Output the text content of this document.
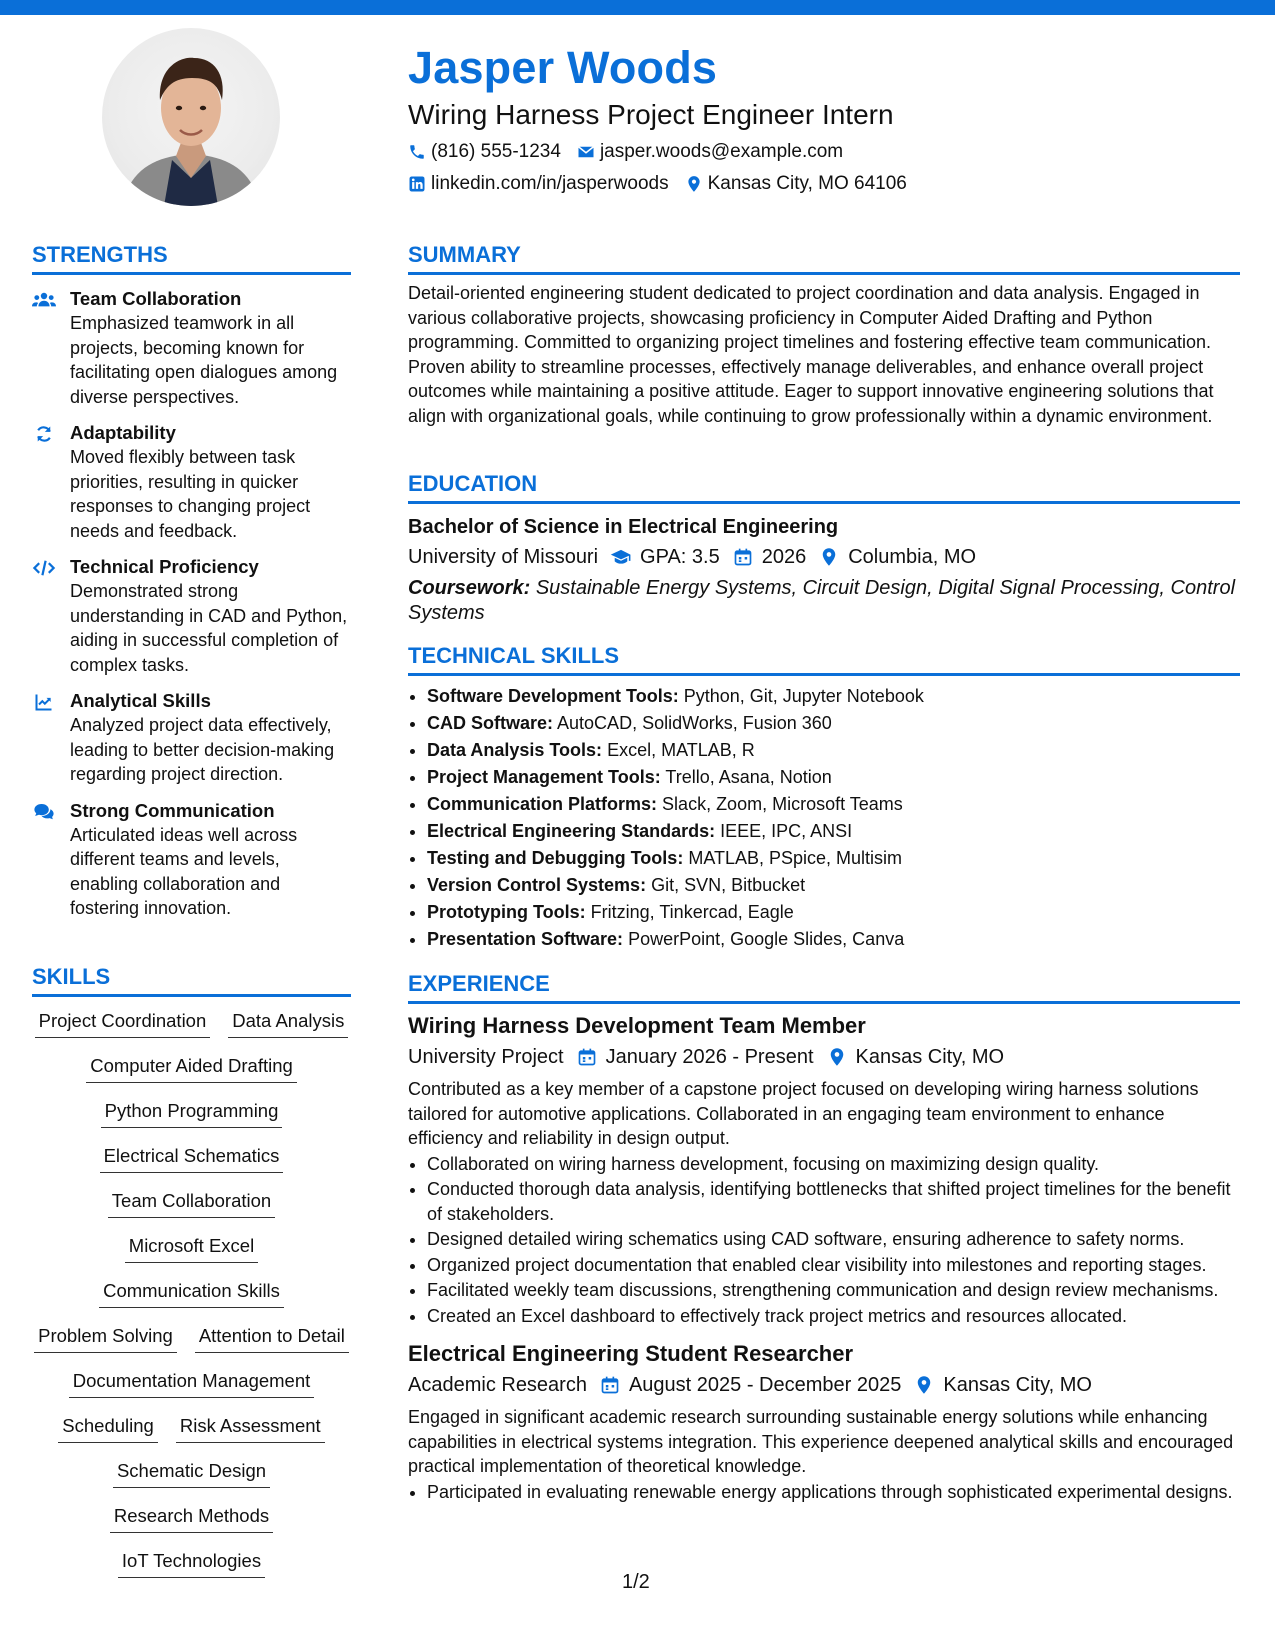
Jasper Woods
Wiring Harness Project Engineer Intern
(816) 555-1234 jasper.woods@example.com
linkedin.com/in/jasperwoods Kansas City, MO 64106
STRENGTHS
Team Collaboration
Emphasized teamwork in all projects, becoming known for facilitating open dialogues among diverse perspectives.
Adaptability
Moved flexibly between task priorities, resulting in quicker responses to changing project needs and feedback.
Technical Proficiency
Demonstrated strong understanding in CAD and Python, aiding in successful completion of complex tasks.
Analytical Skills
Analyzed project data effectively, leading to better decision-making regarding project direction.
Strong Communication
Articulated ideas well across different teams and levels, enabling collaboration and fostering innovation.
SKILLS
Project Coordination Data Analysis
Computer Aided Drafting
Python Programming
Electrical Schematics
Team Collaboration
Microsoft Excel
Communication Skills
Problem Solving Attention to Detail
Documentation Management
Scheduling Risk Assessment
Schematic Design
Research Methods
IoT Technologies
SUMMARY

Detail-oriented engineering student dedicated to project coordination and data analysis. Engaged in various collaborative projects, showcasing proficiency in Computer Aided Drafting and Python programming. Committed to organizing project timelines and fostering effective team communication. Proven ability to streamline processes, effectively manage deliverables, and enhance overall project outcomes while maintaining a positive attitude. Eager to support innovative engineering solutions that align with organizational goals, while continuing to grow professionally within a dynamic environment.

EDUCATION
Bachelor of Science in Electrical Engineering
University of Missouri GPA: 3.5 2026 Columbia, MO
Coursework: Sustainable Energy Systems, Circuit Design, Digital Signal Processing, Control Systems
TECHNICAL SKILLS
• Software Development Tools: Python, Git, Jupyter Notebook
• CAD Software: AutoCAD, SolidWorks, Fusion 360
• Data Analysis Tools: Excel, MATLAB, R
• Project Management Tools: Trello, Asana, Notion
• Communication Platforms: Slack, Zoom, Microsoft Teams
• Electrical Engineering Standards: IEEE, IPC, ANSI
• Testing and Debugging Tools: MATLAB, PSpice, Multisim
• Version Control Systems: Git, SVN, Bitbucket
• Prototyping Tools: Fritzing, Tinkercad, Eagle
• Presentation Software: PowerPoint, Google Slides, Canva
EXPERIENCE
Wiring Harness Development Team Member
University Project January 2026 - Present Kansas City, MO
Contributed as a key member of a capstone project focused on developing wiring harness solutions tailored for automotive applications. Collaborated in an engaging team environment to enhance efficiency and reliability in design output.
• Collaborated on wiring harness development, focusing on maximizing design quality.
• Conducted thorough data analysis, identifying bottlenecks that shifted project timelines for the benefit of stakeholders.
• Designed detailed wiring schematics using CAD software, ensuring adherence to safety norms.
• Organized project documentation that enabled clear visibility into milestones and reporting stages.
• Facilitated weekly team discussions, strengthening communication and design review mechanisms.
• Created an Excel dashboard to effectively track project metrics and resources allocated.
Electrical Engineering Student Researcher
Academic Research August 2025 - December 2025 Kansas City, MO
Engaged in significant academic research surrounding sustainable energy solutions while enhancing capabilities in electrical systems integration. This experience deepened analytical skills and encouraged practical implementation of theoretical knowledge.
• Participated in evaluating renewable energy applications through sophisticated experimental designs.
1/2
